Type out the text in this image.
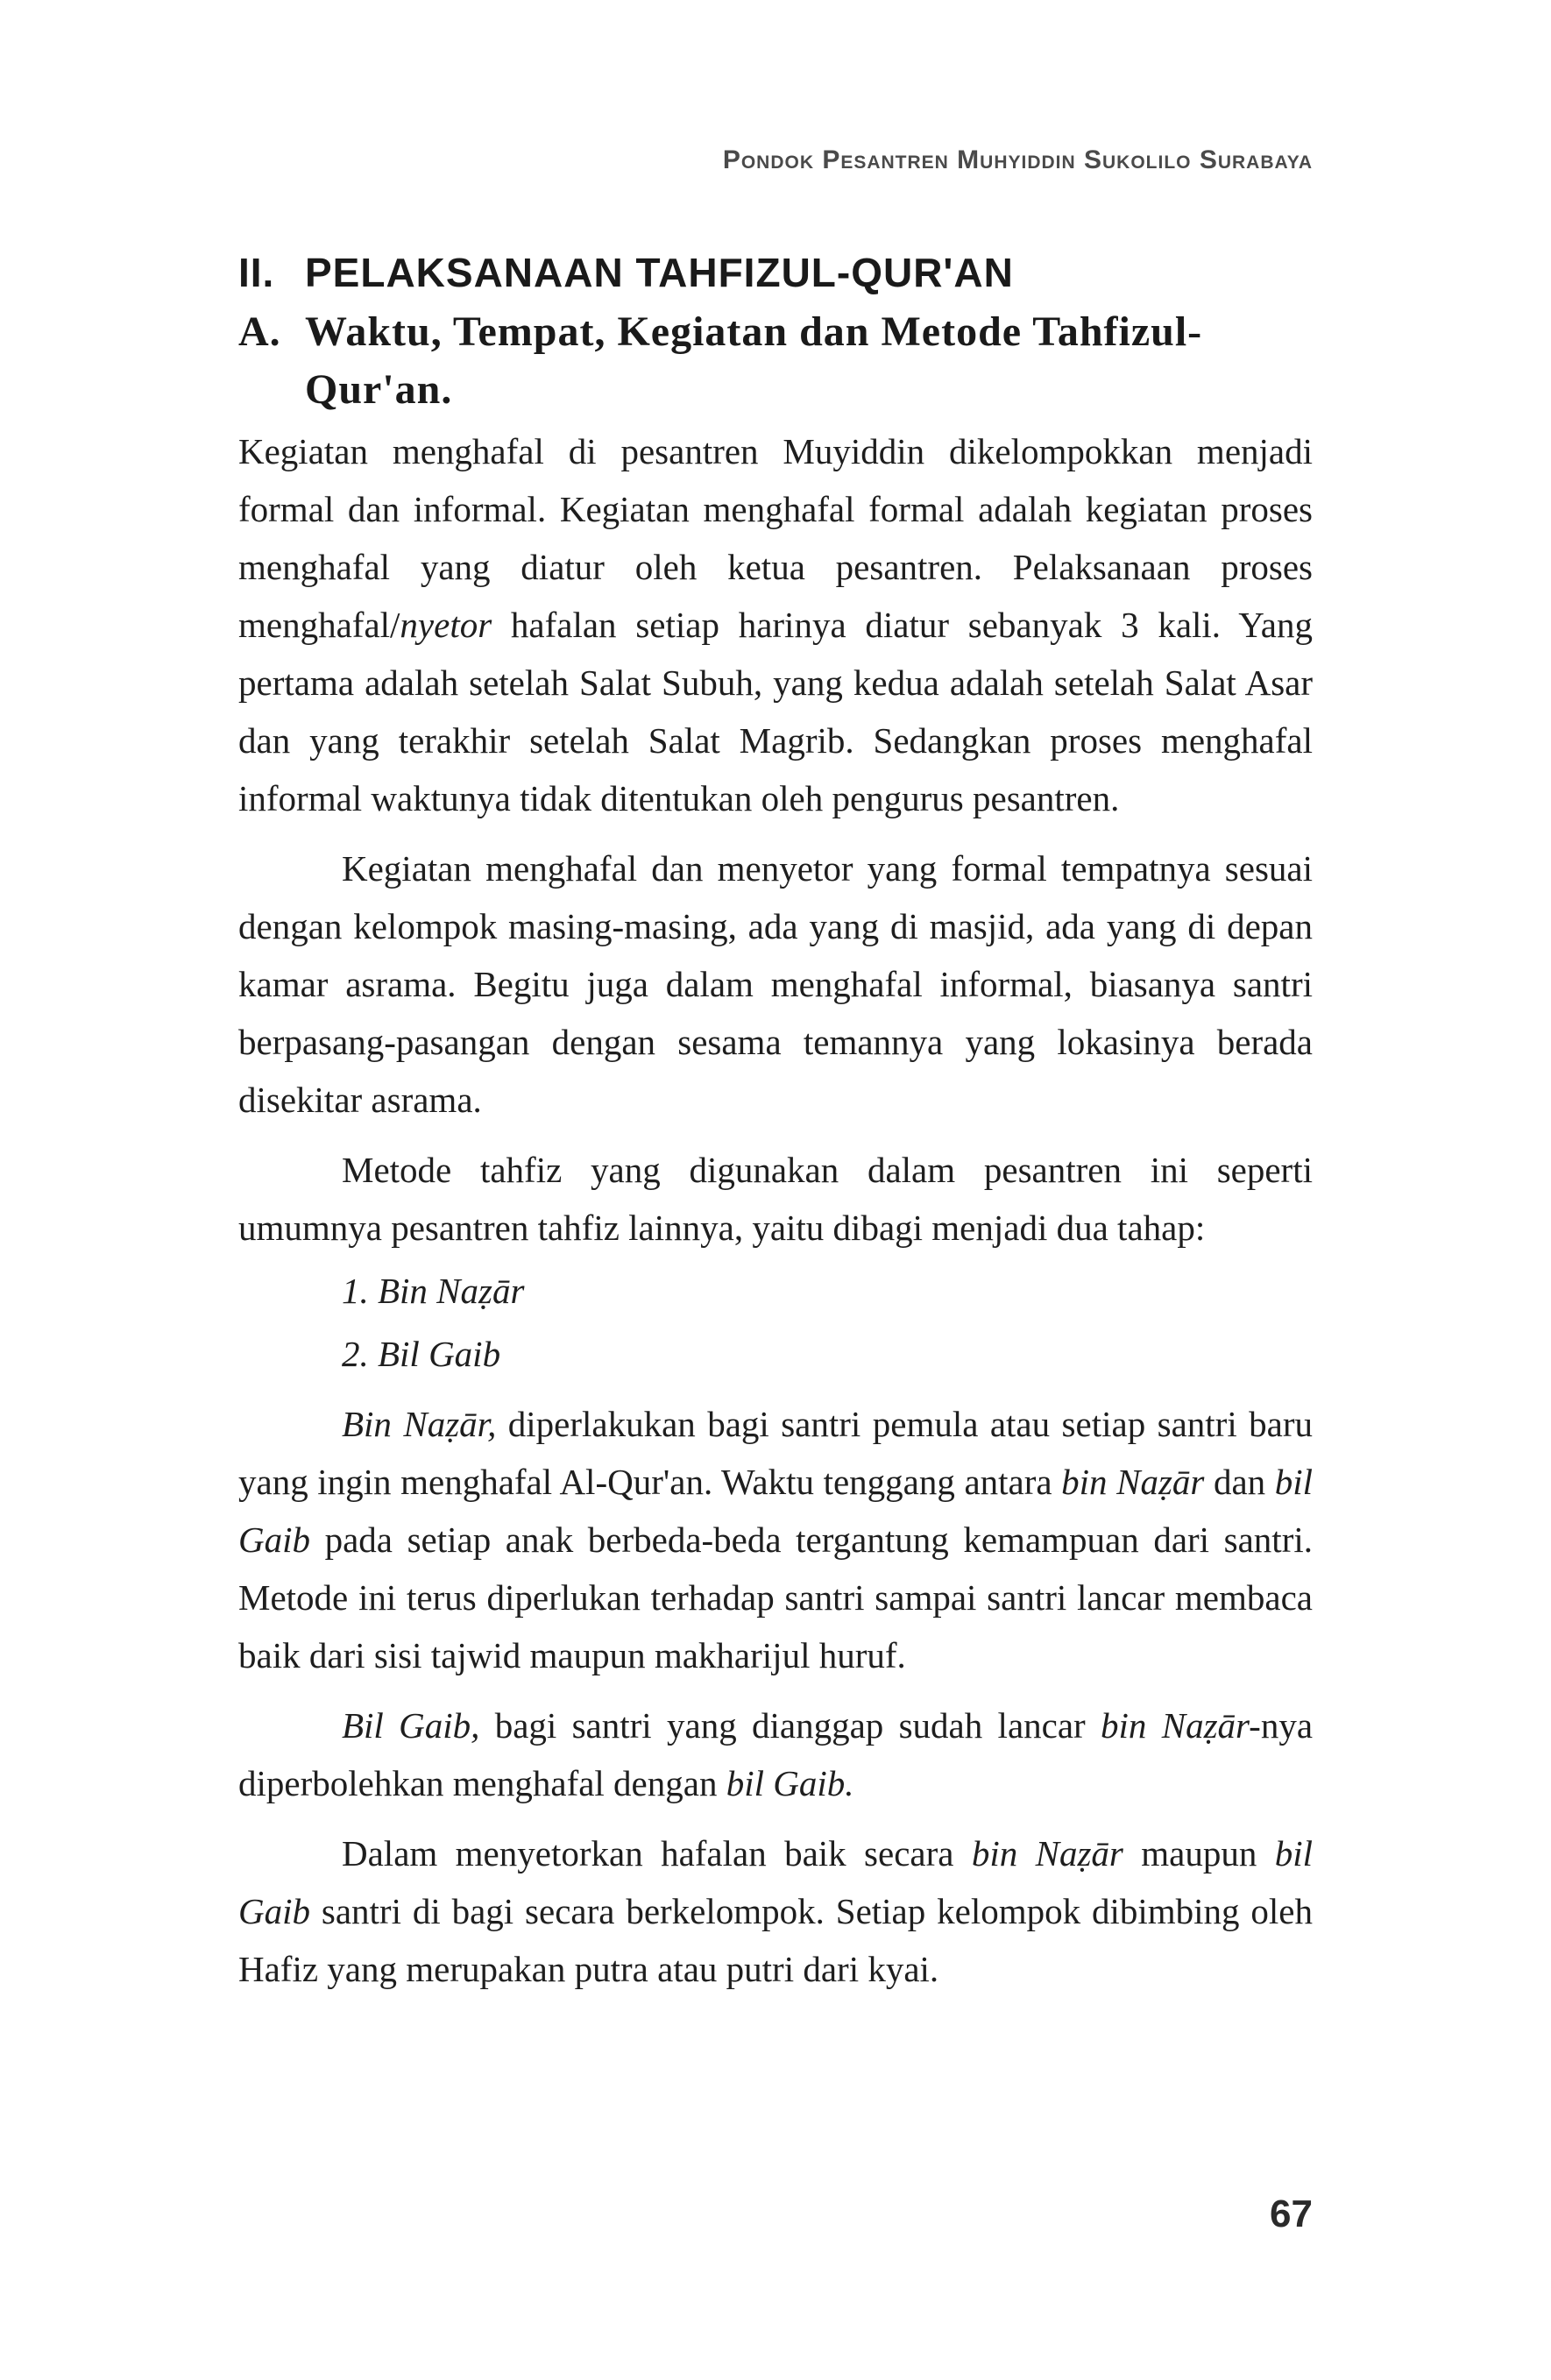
Pondok Pesantren Muhyiddin Sukolilo Surabaya
II. PELAKSANAAN TAHFIZUL-QUR'AN
A. Waktu, Tempat, Kegiatan dan Metode Tahfizul-Qur'an.

Kegiatan menghafal di pesantren Muyiddin dikelompokkan menjadi formal dan informal. Kegiatan menghafal formal adalah kegiatan proses menghafal yang diatur oleh ketua pesantren. Pelaksanaan proses menghafal/nyetor hafalan setiap harinya diatur sebanyak 3 kali. Yang pertama adalah setelah Salat Subuh, yang kedua adalah setelah Salat Asar dan yang terakhir setelah Salat Magrib. Sedangkan proses menghafal informal waktunya tidak ditentukan oleh pengurus pesantren.

Kegiatan menghafal dan menyetor yang formal tempatnya sesuai dengan kelompok masing-masing, ada yang di masjid, ada yang di depan kamar asrama. Begitu juga dalam menghafal informal, biasanya santri berpasang-pasangan dengan sesama temannya yang lokasinya berada disekitar asrama.

Metode tahfiz yang digunakan dalam pesantren ini seperti umumnya pesantren tahfiz lainnya, yaitu dibagi menjadi dua tahap:

1. Bin Naẓār
2. Bil Gaib

Bin Naẓār, diperlakukan bagi santri pemula atau setiap santri baru yang ingin menghafal Al-Qur'an. Waktu tenggang antara bin Naẓār dan bil Gaib pada setiap anak berbeda-beda tergantung kemampuan dari santri. Metode ini terus diperlukan terhadap santri sampai santri lancar membaca baik dari sisi tajwid maupun makharijul huruf.

Bil Gaib, bagi santri yang dianggap sudah lancar bin Naẓār-nya diperbolehkan menghafal dengan bil Gaib.

Dalam menyetorkan hafalan baik secara bin Naẓār maupun bil Gaib santri di bagi secara berkelompok. Setiap kelompok dibimbing oleh Hafiz yang merupakan putra atau putri dari kyai.

67
